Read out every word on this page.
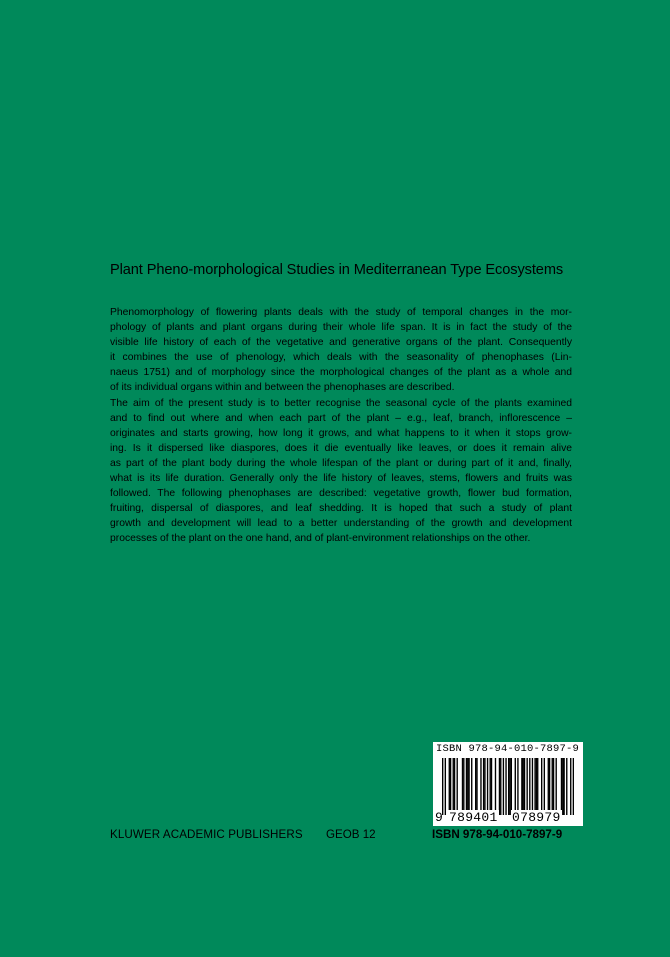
Plant Pheno-morphological Studies in Mediterranean Type Ecosystems

Phenomorphology of flowering plants deals with the study of temporal changes in the mor-
phology of plants and plant organs during their whole life span. It is in fact the study of the
visible life history of each of the vegetative and generative organs of the plant. Consequently
it combines the use of phenology, which deals with the seasonality of phenophases (Lin-
naeus 1751) and of morphology since the morphological changes of the plant as a whole and
of its individual organs within and between the phenophases are described.

The aim of the present study is to better recognise the seasonal cycle of the plants examined
and to find out where and when each part of the plant – e.g., leaf, branch, inflorescence –
originates and starts growing, how long it grows, and what happens to it when it stops grow-
ing. Is it dispersed like diaspores, does it die eventually like leaves, or does it remain alive
as part of the plant body during the whole lifespan of the plant or during part of it and, finally,
what is its life duration. Generally only the life history of leaves, stems, flowers and fruits was
followed. The following phenophases are described: vegetative growth, flower bud formation,
fruiting, dispersal of diaspores, and leaf shedding. It is hoped that such a study of plant
growth and development will lead to a better understanding of the growth and development
processes of the plant on the one hand, and of plant-environment relationships on the other.

ISBN 978-94-010-7897-9
9 789401 078979
KLUWER ACADEMIC PUBLISHERS GEOB 12	ISBN 978-94-010-7897-9
